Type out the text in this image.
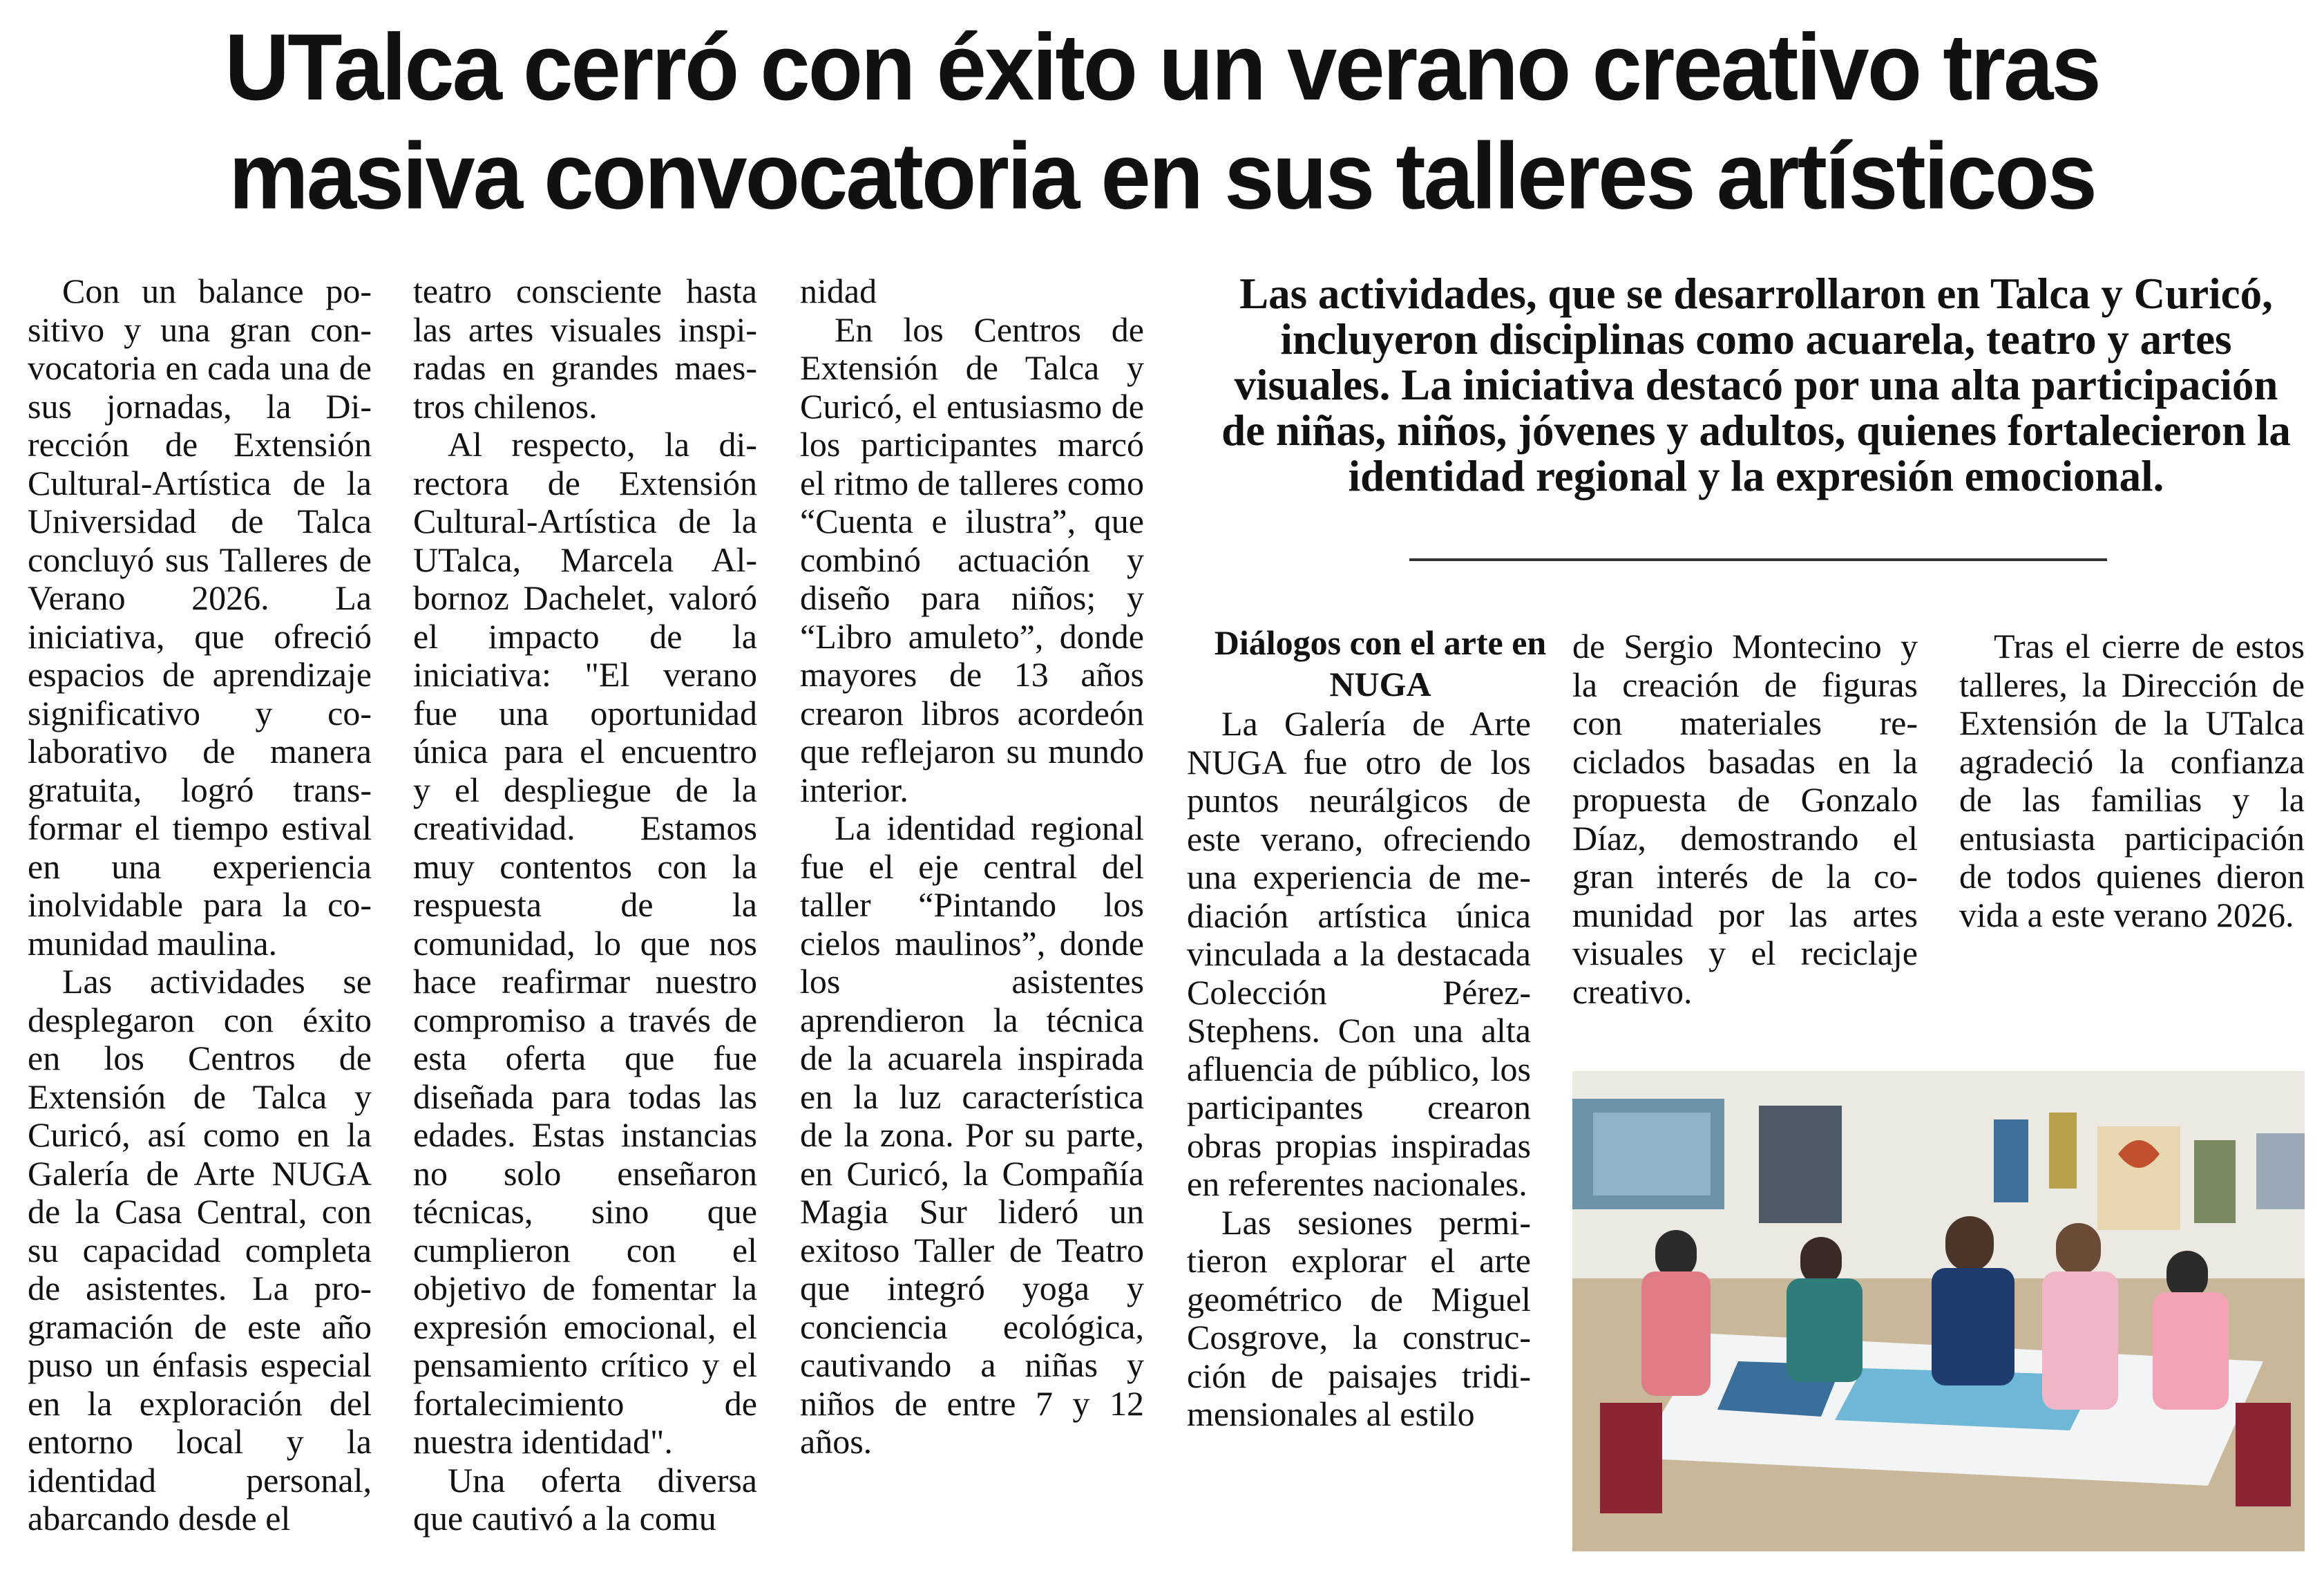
UTalca cerró con éxito un verano creativo tras
masiva convocatoria en sus talleres artísticos

Con un balance positivo y una gran convocatoria en cada una de sus jornadas, la Dirección de Extensión Cultural-Artística de la Universidad de Talca concluyó sus Talleres de Verano 2026. La iniciativa, que ofreció espacios de aprendizaje significativo y colaborativo de manera gratuita, logró transformar el tiempo estival en una experiencia inolvidable para la comunidad maulina.

Las actividades se desplegaron con éxito en los Centros de Extensión de Talca y Curicó, así como en la Galería de Arte NUGA de la Casa Central, con su capacidad completa de asistentes. La programación de este año puso un énfasis especial en la exploración del entorno local y la identidad personal, abarcando desde el

teatro consciente hasta las artes visuales inspiradas en grandes maestros chilenos.

Al respecto, la directora de Extensión Cultural-Artística de la UTalca, Marcela Albornoz Dachelet, valoró el impacto de la iniciativa: "El verano fue una oportunidad única para el encuentro y el despliegue de la creatividad. Estamos muy contentos con la respuesta de la comunidad, lo que nos hace reafirmar nuestro compromiso a través de esta oferta que fue diseñada para todas las edades. Estas instancias no solo enseñaron técnicas, sino que cumplieron con el objetivo de fomentar la expresión emocional, el pensamiento crítico y el fortalecimiento de nuestra identidad".

Una oferta diversa que cautivó a la comu

nidad

En los Centros de Extensión de Talca y Curicó, el entusiasmo de los participantes marcó el ritmo de talleres como “Cuenta e ilustra”, que combinó actuación y diseño para niños; y “Libro amuleto”, donde mayores de 13 años crearon libros acordeón que reflejaron su mundo interior.

La identidad regional fue el eje central del taller “Pintando los cielos maulinos”, donde los asistentes aprendieron la técnica de la acuarela inspirada en la luz característica de la zona. Por su parte, en Curicó, la Compañía Magia Sur lideró un exitoso Taller de Teatro que integró yoga y conciencia ecológica, cautivando a niñas y niños de entre 7 y 12 años.

Las actividades, que se desarrollaron en Talca y Curicó, incluyeron disciplinas como acuarela, teatro y artes visuales. La iniciativa destacó por una alta participación de niñas, niños, jóvenes y adultos, quienes fortalecieron la identidad regional y la expresión emocional.

Diálogos con el arte en NUGA

La Galería de Arte NUGA fue otro de los puntos neurálgicos de este verano, ofreciendo una experiencia de mediación artística única vinculada a la destacada Colección Pérez-Stephens. Con una alta afluencia de público, los participantes crearon obras propias inspiradas en referentes nacionales.

Las sesiones permitieron explorar el arte geométrico de Miguel Cosgrove, la construcción de paisajes tridimensionales al estilo

de Sergio Montecino y la creación de figuras con materiales reciclados basadas en la propuesta de Gonzalo Díaz, demostrando el gran interés de la comunidad por las artes visuales y el reciclaje creativo.

Tras el cierre de estos talleres, la Dirección de Extensión de la UTalca agradeció la confianza de las familias y la entusiasta participación de todos quienes dieron vida a este verano 2026.
